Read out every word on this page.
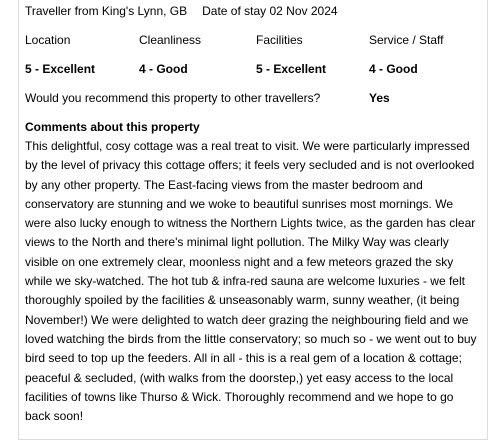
Traveller from King's Lynn, GB Date of stay 02 Nov 2024
Location	Cleanliness	Facilities	Service / Staff
5 - Excellent	4 - Good	5 - Excellent	4 - Good
Would you recommend this property to other travellers?	Yes
Comments about this property

This delightful, cosy cottage was a real treat to visit. We were particularly impressed by the level of privacy this cottage offers; it feels very secluded and is not overlooked by any other property. The East-facing views from the master bedroom and conservatory are stunning and we woke to beautiful sunrises most mornings. We were also lucky enough to witness the Northern Lights twice, as the garden has clear views to the North and there's minimal light pollution. The Milky Way was clearly visible on one extremely clear, moonless night and a few meteors grazed the sky while we sky-watched. The hot tub & infra-red sauna are welcome luxuries - we felt thoroughly spoiled by the facilities & unseasonably warm, sunny weather, (it being November!) We were delighted to watch deer grazing the neighbouring field and we loved watching the birds from the little conservatory; so much so - we went out to buy bird seed to top up the feeders. All in all - this is a real gem of a location & cottage; peaceful & secluded, (with walks from the doorstep,) yet easy access to the local facilities of towns like Thurso & Wick. Thoroughly recommend and we hope to go back soon!
